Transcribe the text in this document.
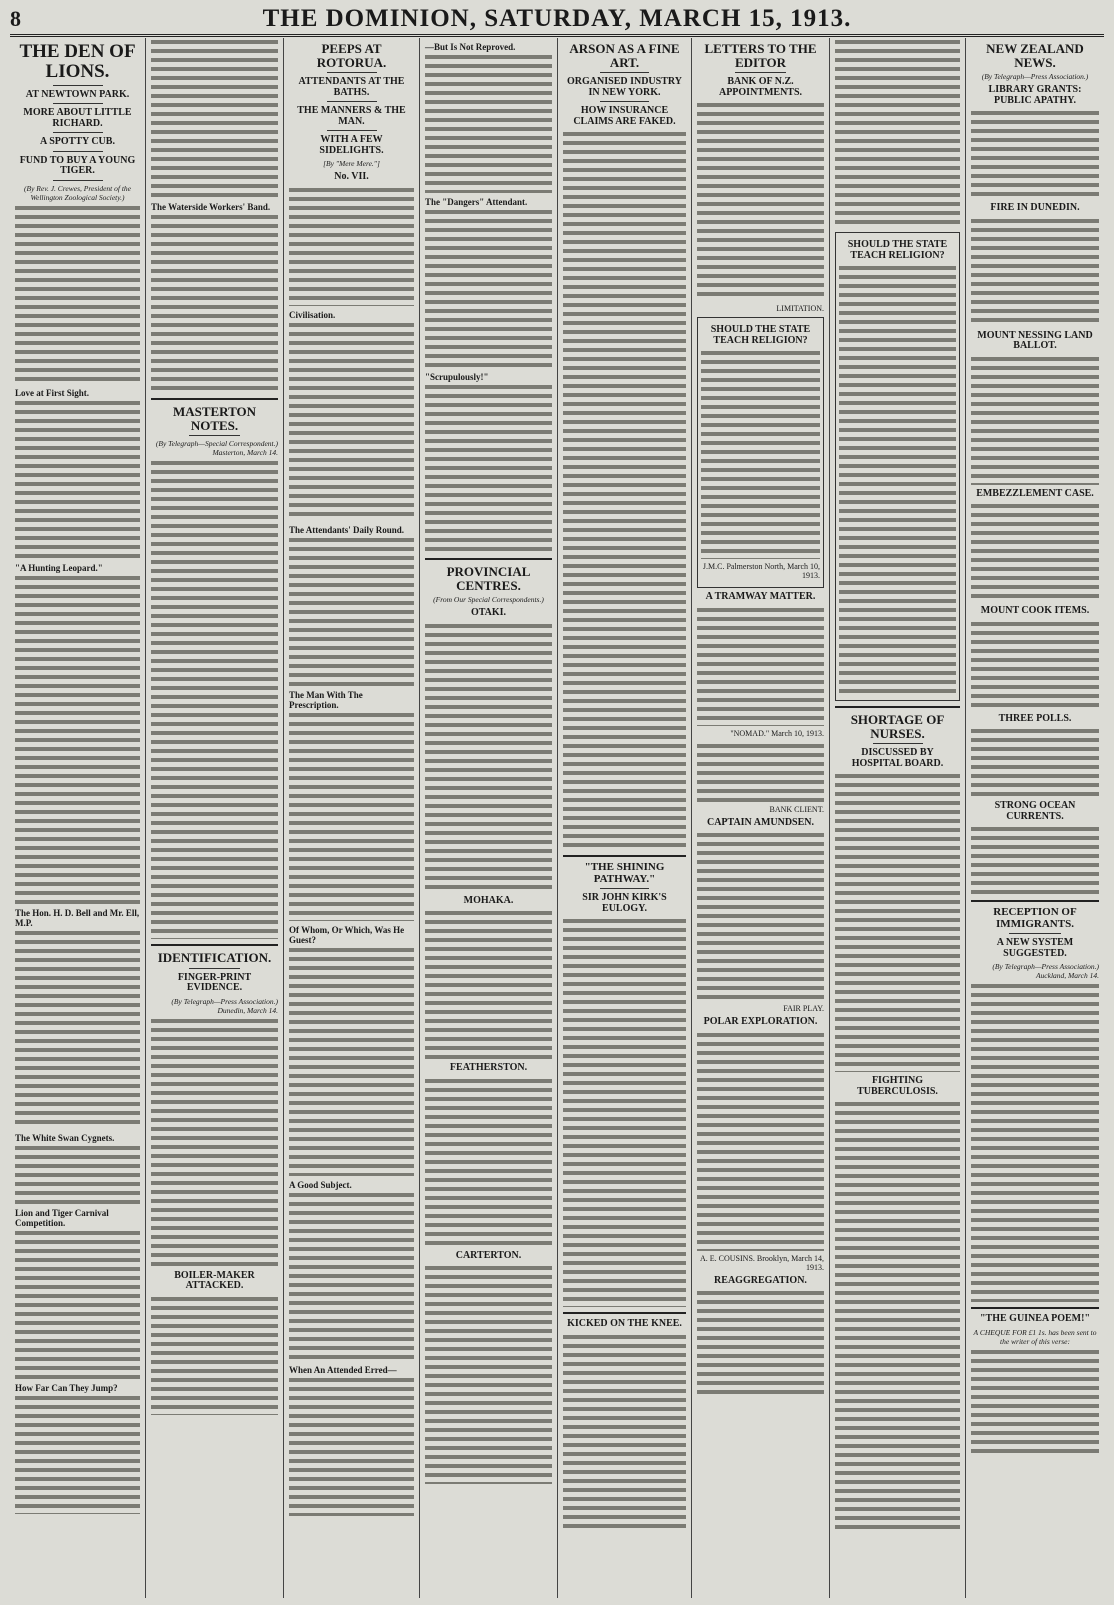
8	THE DOMINION, SATURDAY, MARCH 15, 1913.
THE DEN OF LIONS.
AT NEWTOWN PARK.
MORE ABOUT LITTLE RICHARD.
A SPOTTY CUB.
FUND TO BUY A YOUNG TIGER.
(By Rev. J. Crewes, President of the Wellington Zoological Society.)

Love at First Sight.

"A Hunting Leopard."

The Hon. H. D. Bell and Mr. Ell, M.P.

The White Swan Cygnets.

Lion and Tiger Carnival Competition.

How Far Can They Jump?

The Waterside Workers' Band.

MASTERTON NOTES.
(By Telegraph—Special Correspondent.) Masterton, March 14.

IDENTIFICATION.
FINGER-PRINT EVIDENCE.
(By Telegraph—Press Association.) Dunedin, March 14.

BOILER-MAKER ATTACKED.

PEEPS AT ROTORUA.
ATTENDANTS AT THE BATHS.
THE MANNERS & THE MAN.
WITH A FEW SIDELIGHTS.
[By "Mere Mere."]
No. VII.

Civilisation.

The Attendants' Daily Round.

The Man With The Prescription.

Of Whom, Or Which, Was He Guest?

A Good Subject.

When An Attended Erred—

—But Is Not Reproved.

The "Dangers" Attendant.

"Scrupulously!"

PROVINCIAL CENTRES.
(From Our Special Correspondents.)
OTAKI.

MOHAKA.

FEATHERSTON.

CARTERTON.

ARSON AS A FINE ART.
ORGANISED INDUSTRY IN NEW YORK.
HOW INSURANCE CLAIMS ARE FAKED.

"THE SHINING PATHWAY."
SIR JOHN KIRK'S EULOGY.

KICKED ON THE KNEE.

LETTERS TO THE EDITOR
BANK OF N.Z. APPOINTMENTS.

LIMITATION.
SHOULD THE STATE TEACH RELIGION?

J.M.C. Palmerston North, March 10, 1913.
A TRAMWAY MATTER.

"NOMAD." March 10, 1913.

BANK CLIENT.
CAPTAIN AMUNDSEN.

FAIR PLAY.
POLAR EXPLORATION.

A. E. COUSINS. Brooklyn, March 14, 1913.
REAGGREGATION.

SHOULD THE STATE TEACH RELIGION?

SHORTAGE OF NURSES.
DISCUSSED BY HOSPITAL BOARD.

FIGHTING TUBERCULOSIS.

NEW ZEALAND NEWS.
(By Telegraph—Press Association.)
LIBRARY GRANTS: PUBLIC APATHY.

FIRE IN DUNEDIN.

MOUNT NESSING LAND BALLOT.

EMBEZZLEMENT CASE.

MOUNT COOK ITEMS.

THREE POLLS.

STRONG OCEAN CURRENTS.

RECEPTION OF IMMIGRANTS.
A NEW SYSTEM SUGGESTED.
(By Telegraph—Press Association.) Auckland, March 14.

"THE GUINEA POEM!"
A CHEQUE FOR £1 1s. has been sent to the writer of this verse:
